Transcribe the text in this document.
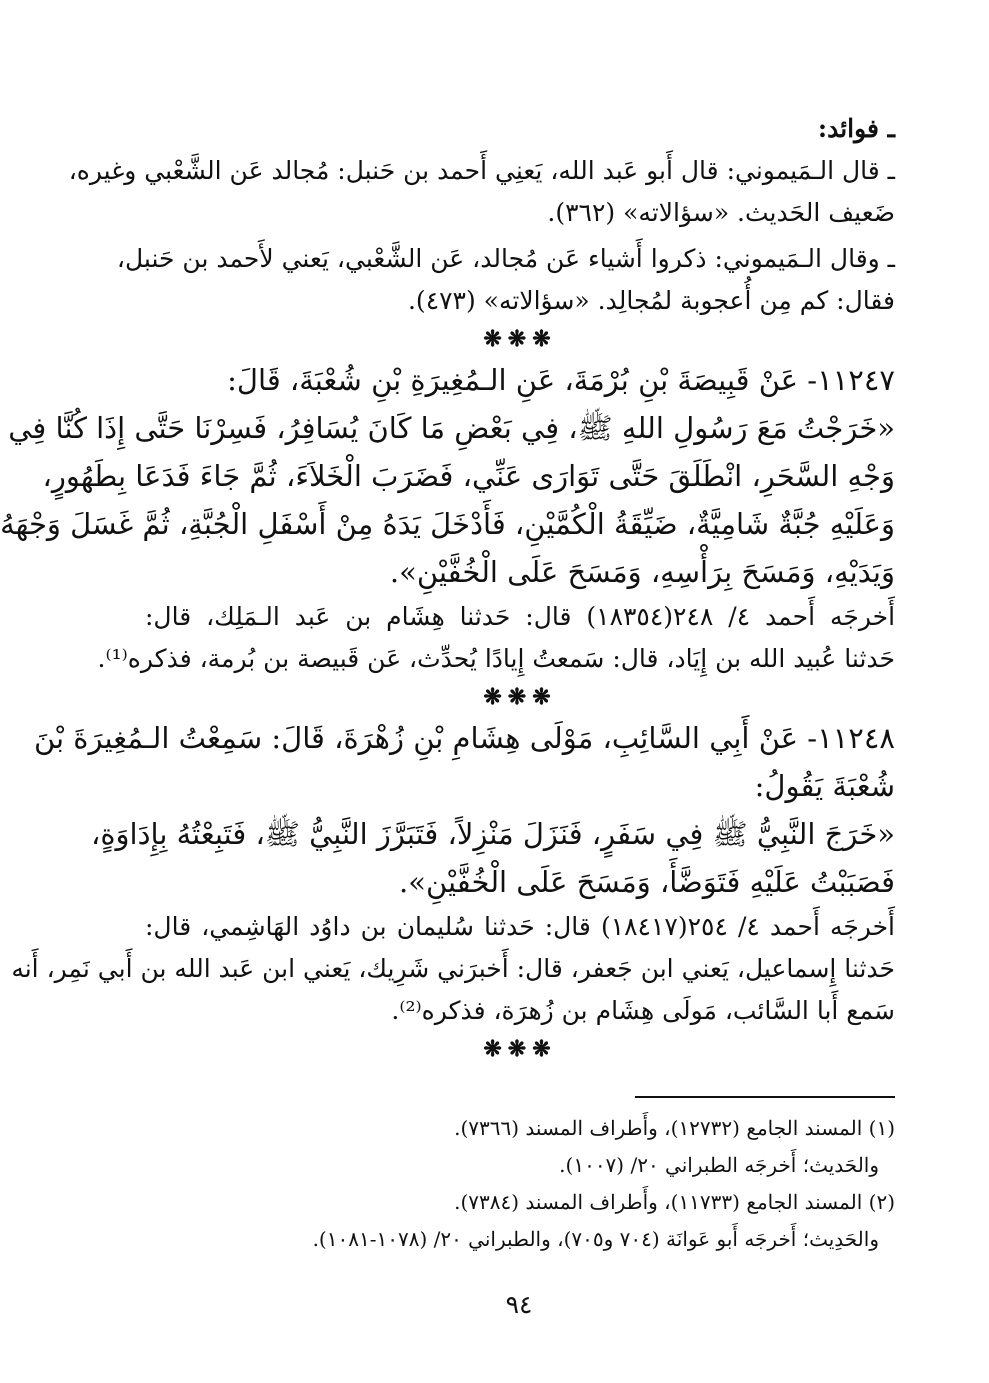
ـ فوائد:
ـ قال الـمَيموني: قال أَبو عَبد الله، يَعنِي أَحمد بن حَنبل: مُجالد عَن الشَّعْبي وغيره،
ضَعيف الحَديث. «سؤالاته» (٣٦٢).
ـ وقال الـمَيموني: ذكروا أَشياء عَن مُجالد، عَن الشَّعْبي، يَعني لأَحمد بن حَنبل،
فقال: كم مِن أُعجوبة لمُجالِد. «سؤالاته» (٤٧٣).
❋❋❋
١١٢٤٧- عَنْ قَبِيصَةَ بْنِ بُرْمَةَ، عَنِ الـمُغِيرَةِ بْنِ شُعْبَةَ، قَالَ:
«خَرَجْتُ مَعَ رَسُولِ اللهِ ﷺ، فِي بَعْضِ مَا كَانَ يُسَافِرُ، فَسِرْنَا حَتَّى إِذَا كُنَّا فِي
وَجْهِ السَّحَرِ، انْطَلَقَ حَتَّى تَوَارَى عَنِّي، فَضَرَبَ الْخَلاَءَ، ثُمَّ جَاءَ فَدَعَا بِطَهُورٍ،
وَعَلَيْهِ جُبَّةٌ شَامِيَّةٌ، ضَيِّقَةُ الْكُمَّيْنِ، فَأَدْخَلَ يَدَهُ مِنْ أَسْفَلِ الْجُبَّةِ، ثُمَّ غَسَلَ وَجْهَهُ
وَيَدَيْهِ، وَمَسَحَ بِرَأْسِهِ، وَمَسَحَ عَلَى الْخُفَّيْنِ».
أَخرجَه أَحمد ٤/ ٢٤٨(١٨٣٥٤) قال: حَدثنا هِشَام بن عَبد الـمَلِك، قال:
حَدثنا عُبيد الله بن إِيَاد، قال: سَمعتُ إِيادًا يُحدِّث، عَن قَبيصة بن بُرمة، فذكره⁽¹⁾.
❋❋❋
١١٢٤٨- عَنْ أَبِي السَّائِبِ، مَوْلَى هِشَامِ بْنِ زُهْرَةَ، قَالَ: سَمِعْتُ الـمُغِيرَةَ بْنَ
شُعْبَةَ يَقُولُ:
«خَرَجَ النَّبِيُّ ﷺ فِي سَفَرٍ، فَنَزَلَ مَنْزِلاً، فَتَبَرَّزَ النَّبِيُّ ﷺ، فَتَبِعْتُهُ بِإِدَاوَةٍ،
فَصَبَبْتُ عَلَيْهِ فَتَوَضَّأَ، وَمَسَحَ عَلَى الْخُفَّيْنِ».
أَخرجَه أَحمد ٤/ ٢٥٤(١٨٤١٧) قال: حَدثنا سُليمان بن داوُد الهَاشِمي، قال:
حَدثنا إِسماعيل، يَعني ابن جَعفر، قال: أَخبرَني شَرِيك، يَعني ابن عَبد الله بن أَبي نَمِر، أَنه
سَمع أَبا السَّائب، مَولَى هِشَام بن زُهرَة، فذكره⁽²⁾.
❋❋❋
(١) المسند الجامع (١٢٧٣٢)، وأَطراف المسند (٧٣٦٦).
والحَديث؛ أَخرجَه الطبراني ٢٠/ (١٠٠٧).
(٢) المسند الجامع (١١٧٣٣)، وأَطراف المسند (٧٣٨٤).
والحَدِيث؛ أَخرجَه أَبو عَوانَة (٧٠٤ و٧٠٥)، والطبراني ٢٠/ (١٠٧٨-١٠٨١).
٩٤
